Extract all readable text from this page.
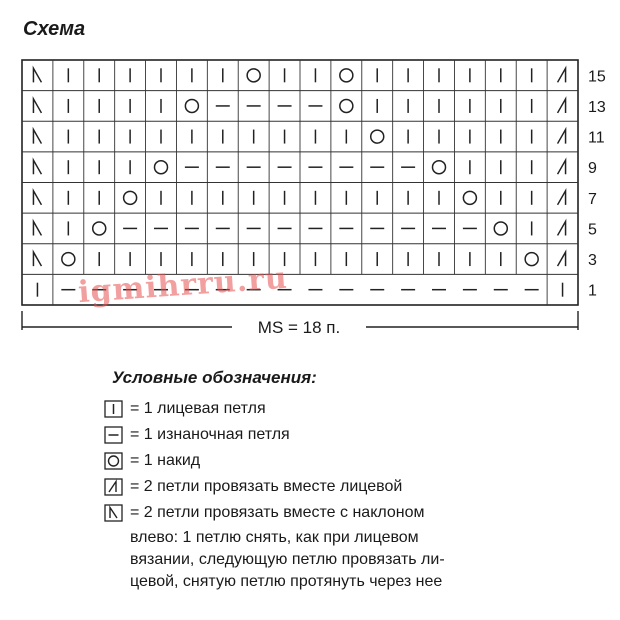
Схема
15
13
11
9
7
5
3
1
MS = 18 п.
igmihrru.ru
Условные обозначения:
= 1 лицевая петля
= 1 изнаночная петля
= 1 накид
= 2 петли провязать вместе лицевой
= 2 петли провязать вместе с наклоном
влево: 1 петлю снять, как при лицевом
вязании, следующую петлю провязать ли-
цевой, снятую петлю протянуть через нее
